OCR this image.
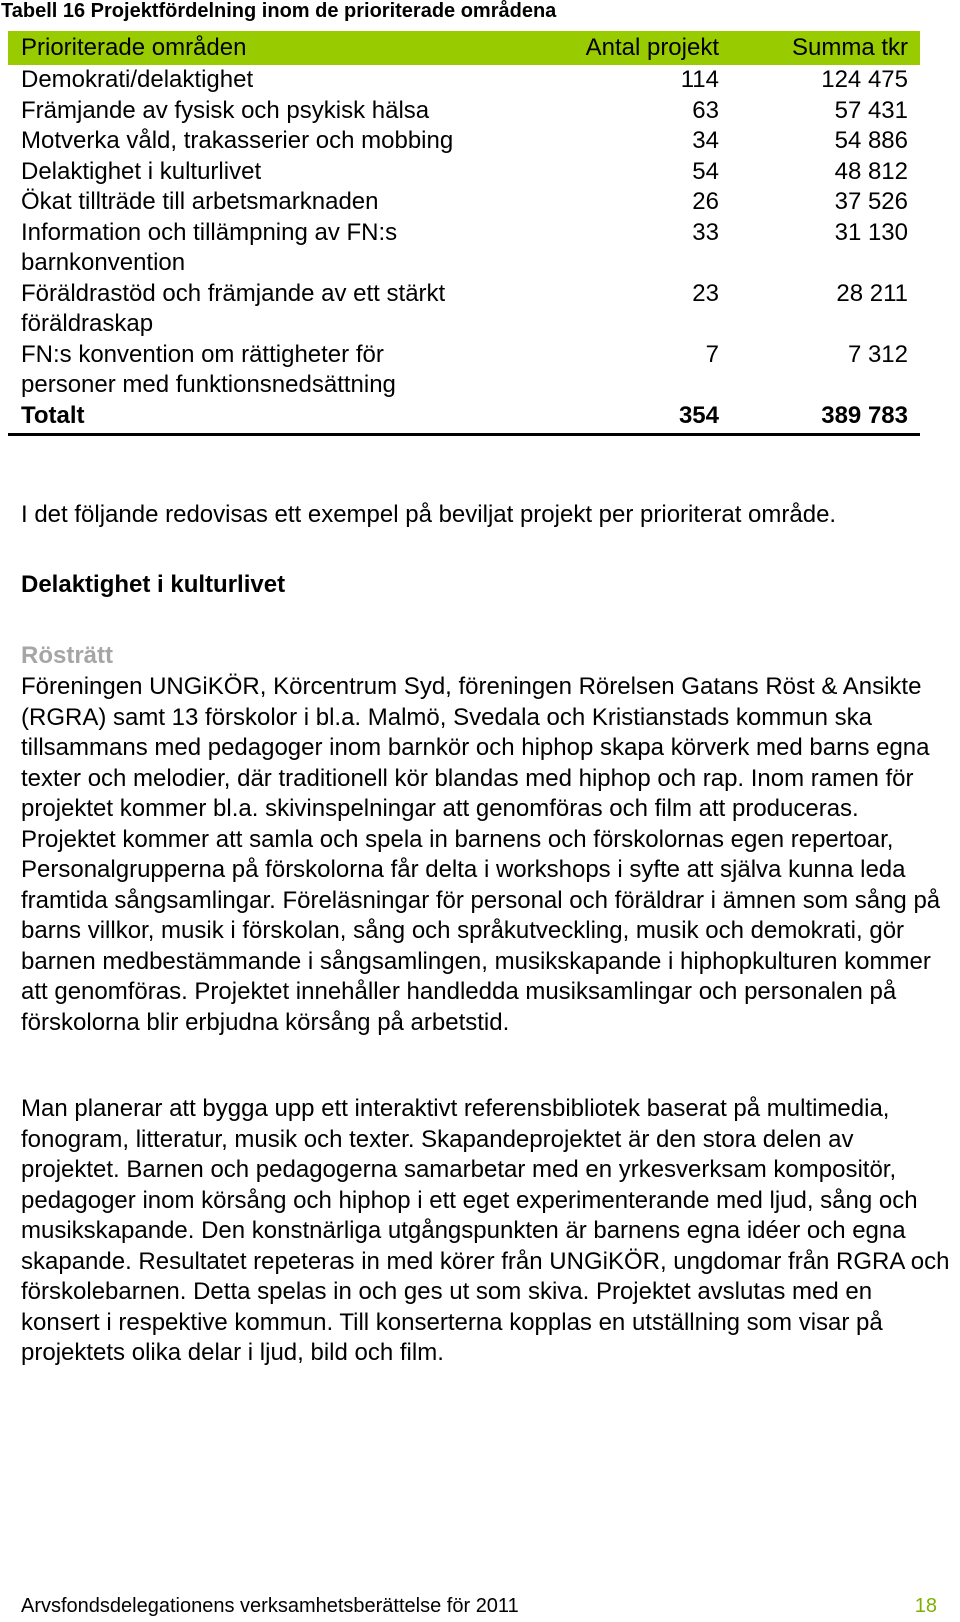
Tabell 16 Projektfördelning inom de prioriterade områdena
Prioriterade områden	Antal projekt	Summa tkr
Demokrati/delaktighet	114	124 475
Främjande av fysisk och psykisk hälsa	63	57 431
Motverka våld, trakasserier och mobbing	34	54 886
Delaktighet i kulturlivet	54	48 812
Ökat tillträde till arbetsmarknaden	26	37 526
Information och tillämpning av FN:s barnkonvention	33	31 130

Föräldrastöd och främjande av ett stärkt föräldraskap	23	28 211

FN:s konvention om rättigheter för personer med funktionsnedsättning	7	7 312
Totalt	354	389 783
I det följande redovisas ett exempel på beviljat projekt per prioriterat område.
Delaktighet i kulturlivet
Rösträtt

Föreningen UNGiKÖR, Körcentrum Syd, föreningen Rörelsen Gatans Röst & Ansikte (RGRA) samt 13 förskolor i bl.a. Malmö, Svedala och Kristianstads kommun ska tillsammans med pedagoger inom barnkör och hiphop skapa körverk med barns egna texter och melodier, där traditionell kör blandas med hiphop och rap. Inom ramen för projektet kommer bl.a. skivinspelningar att genomföras och film att produceras. Projektet kommer att samla och spela in barnens och förskolornas egen repertoar, Personalgrupperna på förskolorna får delta i workshops i syfte att själva kunna leda framtida sångsamlingar. Föreläsningar för personal och föräldrar i ämnen som sång på barns villkor, musik i förskolan, sång och språkutveckling, musik och demokrati, gör barnen medbestämmande i sångsamlingen, musikskapande i hiphopkulturen kommer att genomföras. Projektet innehåller handledda musiksamlingar och personalen på förskolorna blir erbjudna körsång på arbetstid.

Man planerar att bygga upp ett interaktivt referensbibliotek baserat på multimedia, fonogram, litteratur, musik och texter. Skapandeprojektet är den stora delen av projektet. Barnen och pedagogerna samarbetar med en yrkesverksam kompositör, pedagoger inom körsång och hiphop i ett eget experimenterande med ljud, sång och musikskapande. Den konstnärliga utgångspunkten är barnens egna idéer och egna skapande. Resultatet repeteras in med körer från UNGiKÖR, ungdomar från RGRA och förskolebarnen. Detta spelas in och ges ut som skiva. Projektet avslutas med en konsert i respektive kommun. Till konserterna kopplas en utställning som visar på projektets olika delar i ljud, bild och film.

Arvsfondsdelegationens verksamhetsberättelse för 2011	18
